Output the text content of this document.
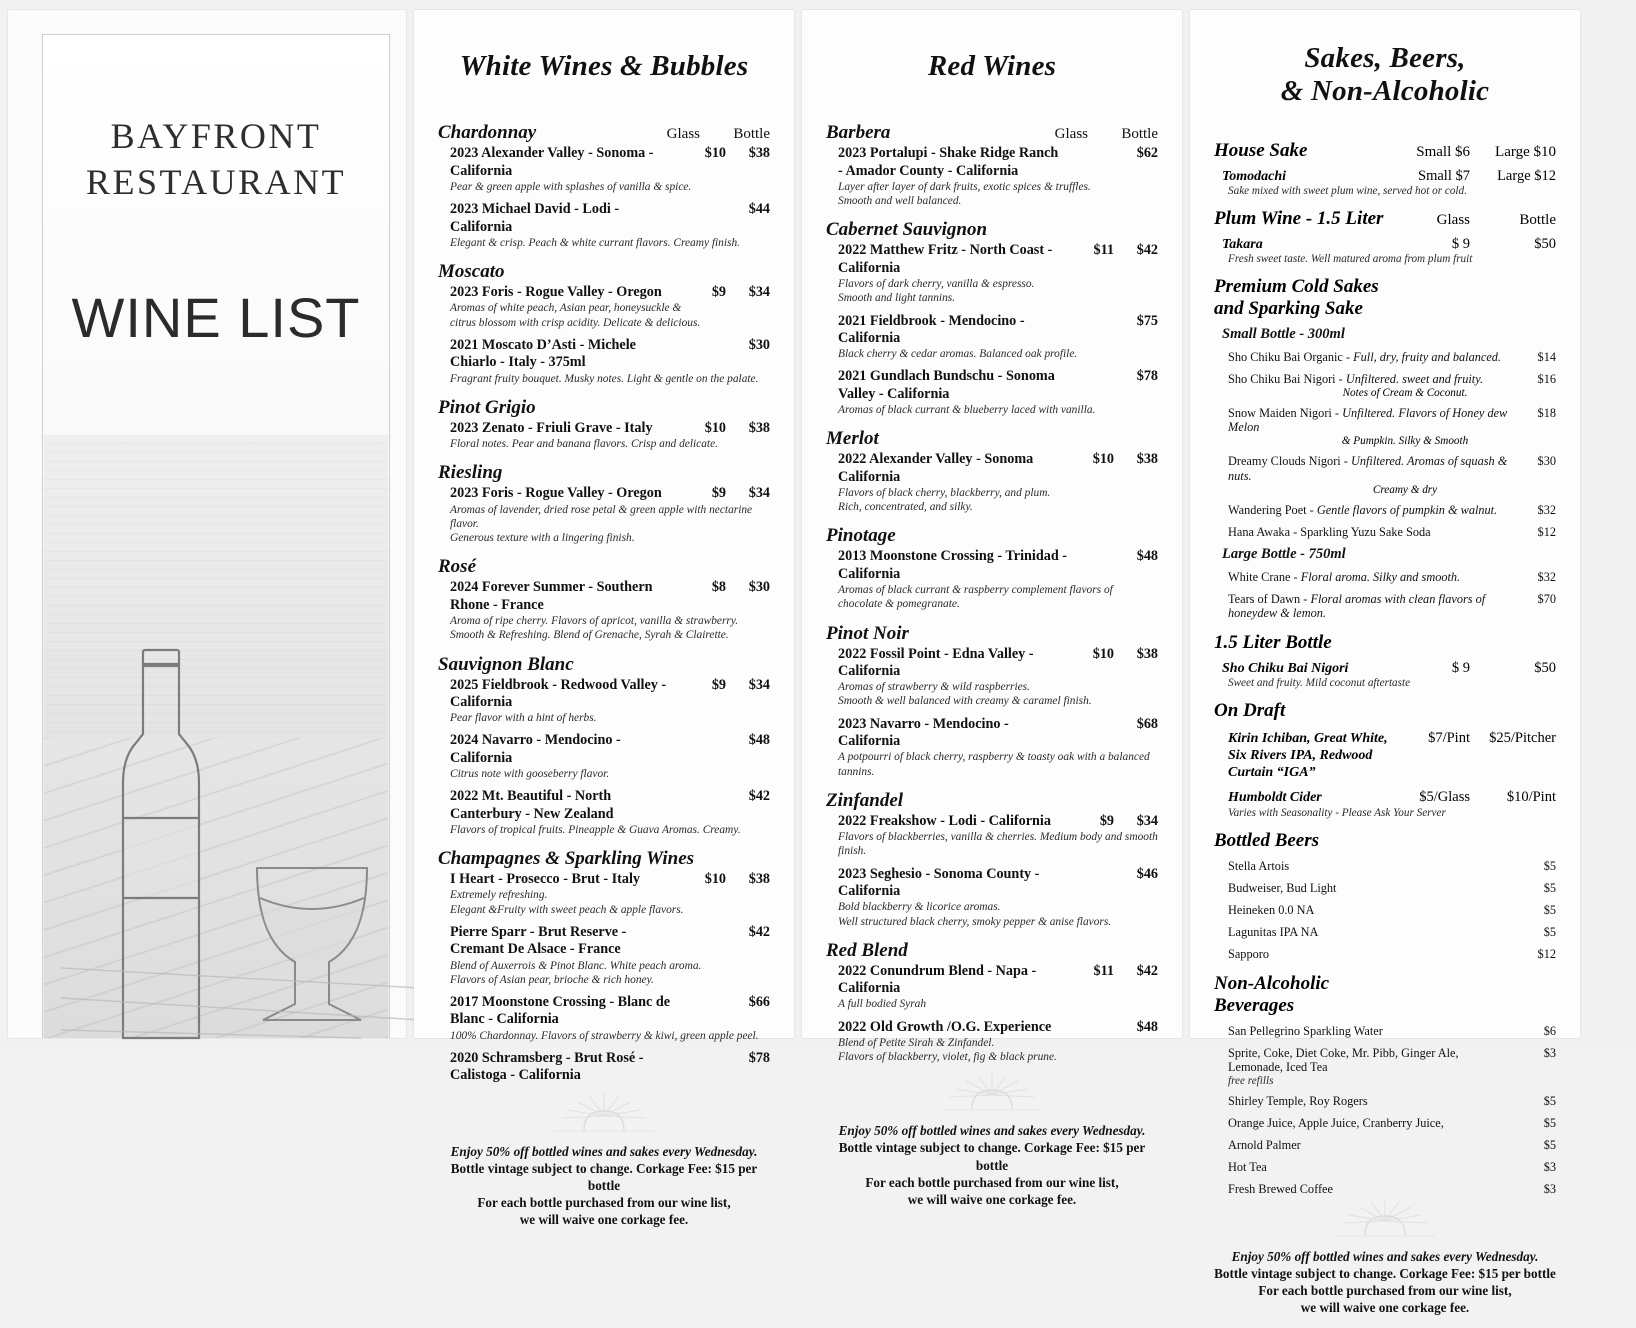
BAYFRONT
RESTAURANT
WINE LIST
White Wines & Bubbles
Chardonnay	Glass	Bottle
2023 Alexander Valley - Sonoma - California
$10	$38
Pear & green apple with splashes of vanilla & spice.
2023 Michael David - Lodi - California
$44
Elegant & crisp. Peach & white currant flavors. Creamy finish.
Moscato
2023 Foris - Rogue Valley - Oregon	$9	$34
Aromas of white peach, Asian pear, honeysuckle &
citrus blossom with crisp acidity. Delicate & delicious.
2021 Moscato D’Asti - Michele Chiarlo - Italy - 375ml
$30
Fragrant fruity bouquet. Musky notes. Light & gentle on the palate.
Pinot Grigio
2023 Zenato - Friuli Grave - Italy	$10	$38
Floral notes. Pear and banana flavors. Crisp and delicate.
Riesling
2023 Foris - Rogue Valley - Oregon	$9	$34
Aromas of lavender, dried rose petal & green apple with nectarine flavor.
Generous texture with a lingering finish.
Rosé
2024 Forever Summer - Southern Rhone - France
$8	$30
Aroma of ripe cherry. Flavors of apricot, vanilla & strawberry.
Smooth & Refreshing. Blend of Grenache, Syrah & Clairette.
Sauvignon Blanc
2025 Fieldbrook - Redwood Valley - California
$9	$34
Pear flavor with a hint of herbs.
2024 Navarro - Mendocino - California
$48
Citrus note with gooseberry flavor.
2022 Mt. Beautiful - North Canterbury - New Zealand
$42
Flavors of tropical fruits. Pineapple & Guava Aromas. Creamy.
Champagnes & Sparkling Wines
I Heart - Prosecco - Brut - Italy	$10	$38
Extremely refreshing.
Elegant &Fruity with sweet peach & apple flavors.
Pierre Sparr - Brut Reserve - Cremant De Alsace - France
$42
Blend of Auxerrois & Pinot Blanc. White peach aroma.
Flavors of Asian pear, brioche & rich honey.
2017 Moonstone Crossing - Blanc de Blanc - California
$66
100% Chardonnay. Flavors of strawberry & kiwi, green apple peel.
2020 Schramsberg - Brut Rosé - Calistoga - California
$78
Enjoy 50% off bottled wines and sakes every Wednesday.
Bottle vintage subject to change. Corkage Fee: $15 per bottle
For each bottle purchased from our wine list,
we will waive one corkage fee.
Red Wines
Barbera	Glass	Bottle
2023 Portalupi - Shake Ridge Ranch
- Amador County - California
$62
Layer after layer of dark fruits, exotic spices & truffles.
Smooth and well balanced.
Cabernet Sauvignon
2022 Matthew Fritz - North Coast - California
$11	$42
Flavors of dark cherry, vanilla & espresso.
Smooth and light tannins.
2021 Fieldbrook - Mendocino - California
$75
Black cherry & cedar aromas. Balanced oak profile.
2021 Gundlach Bundschu - Sonoma Valley - California
$78
Aromas of black currant & blueberry laced with vanilla.
Merlot
2022 Alexander Valley - Sonoma California
$10	$38
Flavors of black cherry, blackberry, and plum.
Rich, concentrated, and silky.
Pinotage
2013 Moonstone Crossing - Trinidad - California
$48
Aromas of black currant & raspberry complement flavors of
chocolate & pomegranate.
Pinot Noir
2022 Fossil Point - Edna Valley - California
$10	$38
Aromas of strawberry & wild raspberries.
Smooth & well balanced with creamy & caramel finish.
2023 Navarro - Mendocino - California
$68
A potpourri of black cherry, raspberry & toasty oak with a balanced tannins.
Zinfandel
2022 Freakshow - Lodi - California	$9	$34
Flavors of blackberries, vanilla & cherries. Medium body and smooth finish.
2023 Seghesio - Sonoma County - California
$46
Bold blackberry & licorice aromas.
Well structured black cherry, smoky pepper & anise flavors.
Red Blend
2022 Conundrum Blend - Napa - California
$11	$42
A full bodied Syrah
2022 Old Growth /O.G. Experience	$48
Blend of Petite Sirah & Zinfandel.
Flavors of blackberry, violet, fig & black prune.
Enjoy 50% off bottled wines and sakes every Wednesday.
Bottle vintage subject to change. Corkage Fee: $15 per bottle
For each bottle purchased from our wine list,
we will waive one corkage fee.
Sakes, Beers,
& Non-Alcoholic
House Sake	Small $6	Large $10
Tomodachi	Small $7	Large $12
Sake mixed with sweet plum wine, served hot or cold.
Plum Wine - 1.5 Liter	Glass	Bottle
Takara	$ 9	$50
Fresh sweet taste. Well matured aroma from plum fruit
Premium Cold Sakes and Sparking Sake
Small Bottle - 300ml
Sho Chiku Bai Organic - Full, dry, fruity and balanced.	$14
Sho Chiku Bai Nigori - Unfiltered. sweet and fruity.	$16
Notes of Cream & Coconut.
Snow Maiden Nigori - Unfiltered. Flavors of Honey dew Melon
$18
& Pumpkin. Silky & Smooth
Dreamy Clouds Nigori - Unfiltered. Aromas of squash & nuts.
$30
Creamy & dry
Wandering Poet - Gentle flavors of pumpkin & walnut.	$32
Hana Awaka - Sparkling Yuzu Sake Soda	$12
Large Bottle - 750ml
White Crane - Floral aroma. Silky and smooth.	$32
Tears of Dawn - Floral aromas with clean flavors of honeydew & lemon.
$70
1.5 Liter Bottle
Sho Chiku Bai Nigori	$ 9	$50
Sweet and fruity. Mild coconut aftertaste
On Draft
Kirin Ichiban, Great White,
Six Rivers IPA, Redwood Curtain “IGA”
$7/Pint	$25/Pitcher
Humboldt Cider	$5/Glass	$10/Pint
Varies with Seasonality - Please Ask Your Server
Bottled Beers
Stella Artois	$5
Budweiser, Bud Light	$5
Heineken 0.0 NA	$5
Lagunitas IPA NA	$5
Sapporo	$12
Non-Alcoholic Beverages
San Pellegrino Sparkling Water	$6
Sprite, Coke, Diet Coke, Mr. Pibb, Ginger Ale, Lemonade, Iced Tea
$3
free refills
Shirley Temple, Roy Rogers	$5
Orange Juice, Apple Juice, Cranberry Juice,	$5
Arnold Palmer	$5
Hot Tea	$3
Fresh Brewed Coffee	$3
Enjoy 50% off bottled wines and sakes every Wednesday.
Bottle vintage subject to change. Corkage Fee: $15 per bottle
For each bottle purchased from our wine list,
we will waive one corkage fee.
